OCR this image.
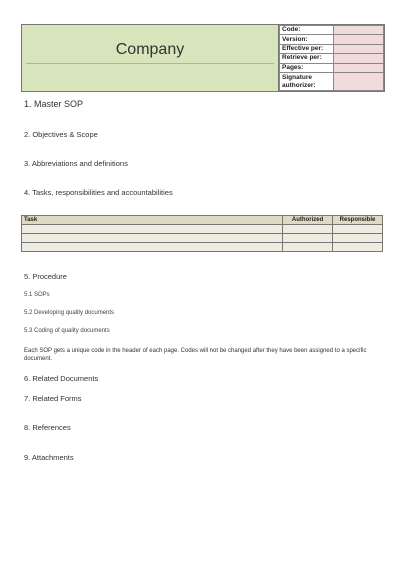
Company
Code:	
Version:	
Effective per:	
Retrieve per:	
Pages:	
Signature authorizer:	
1. Master SOP
2. Objectives & Scope
3. Abbreviations and definitions
4. Tasks, responsibilities and accountabilities
Task	Authorized	Responsible

5. Procedure
5.1 SOPs
5.2 Developing quality documents
5.3 Coding of quality documents
Each SOP gets a unique code in the header of each page. Codes will not be changed after they have been assigned to a specific document.
6. Related Documents
7. Related Forms
8. References
9. Attachments
